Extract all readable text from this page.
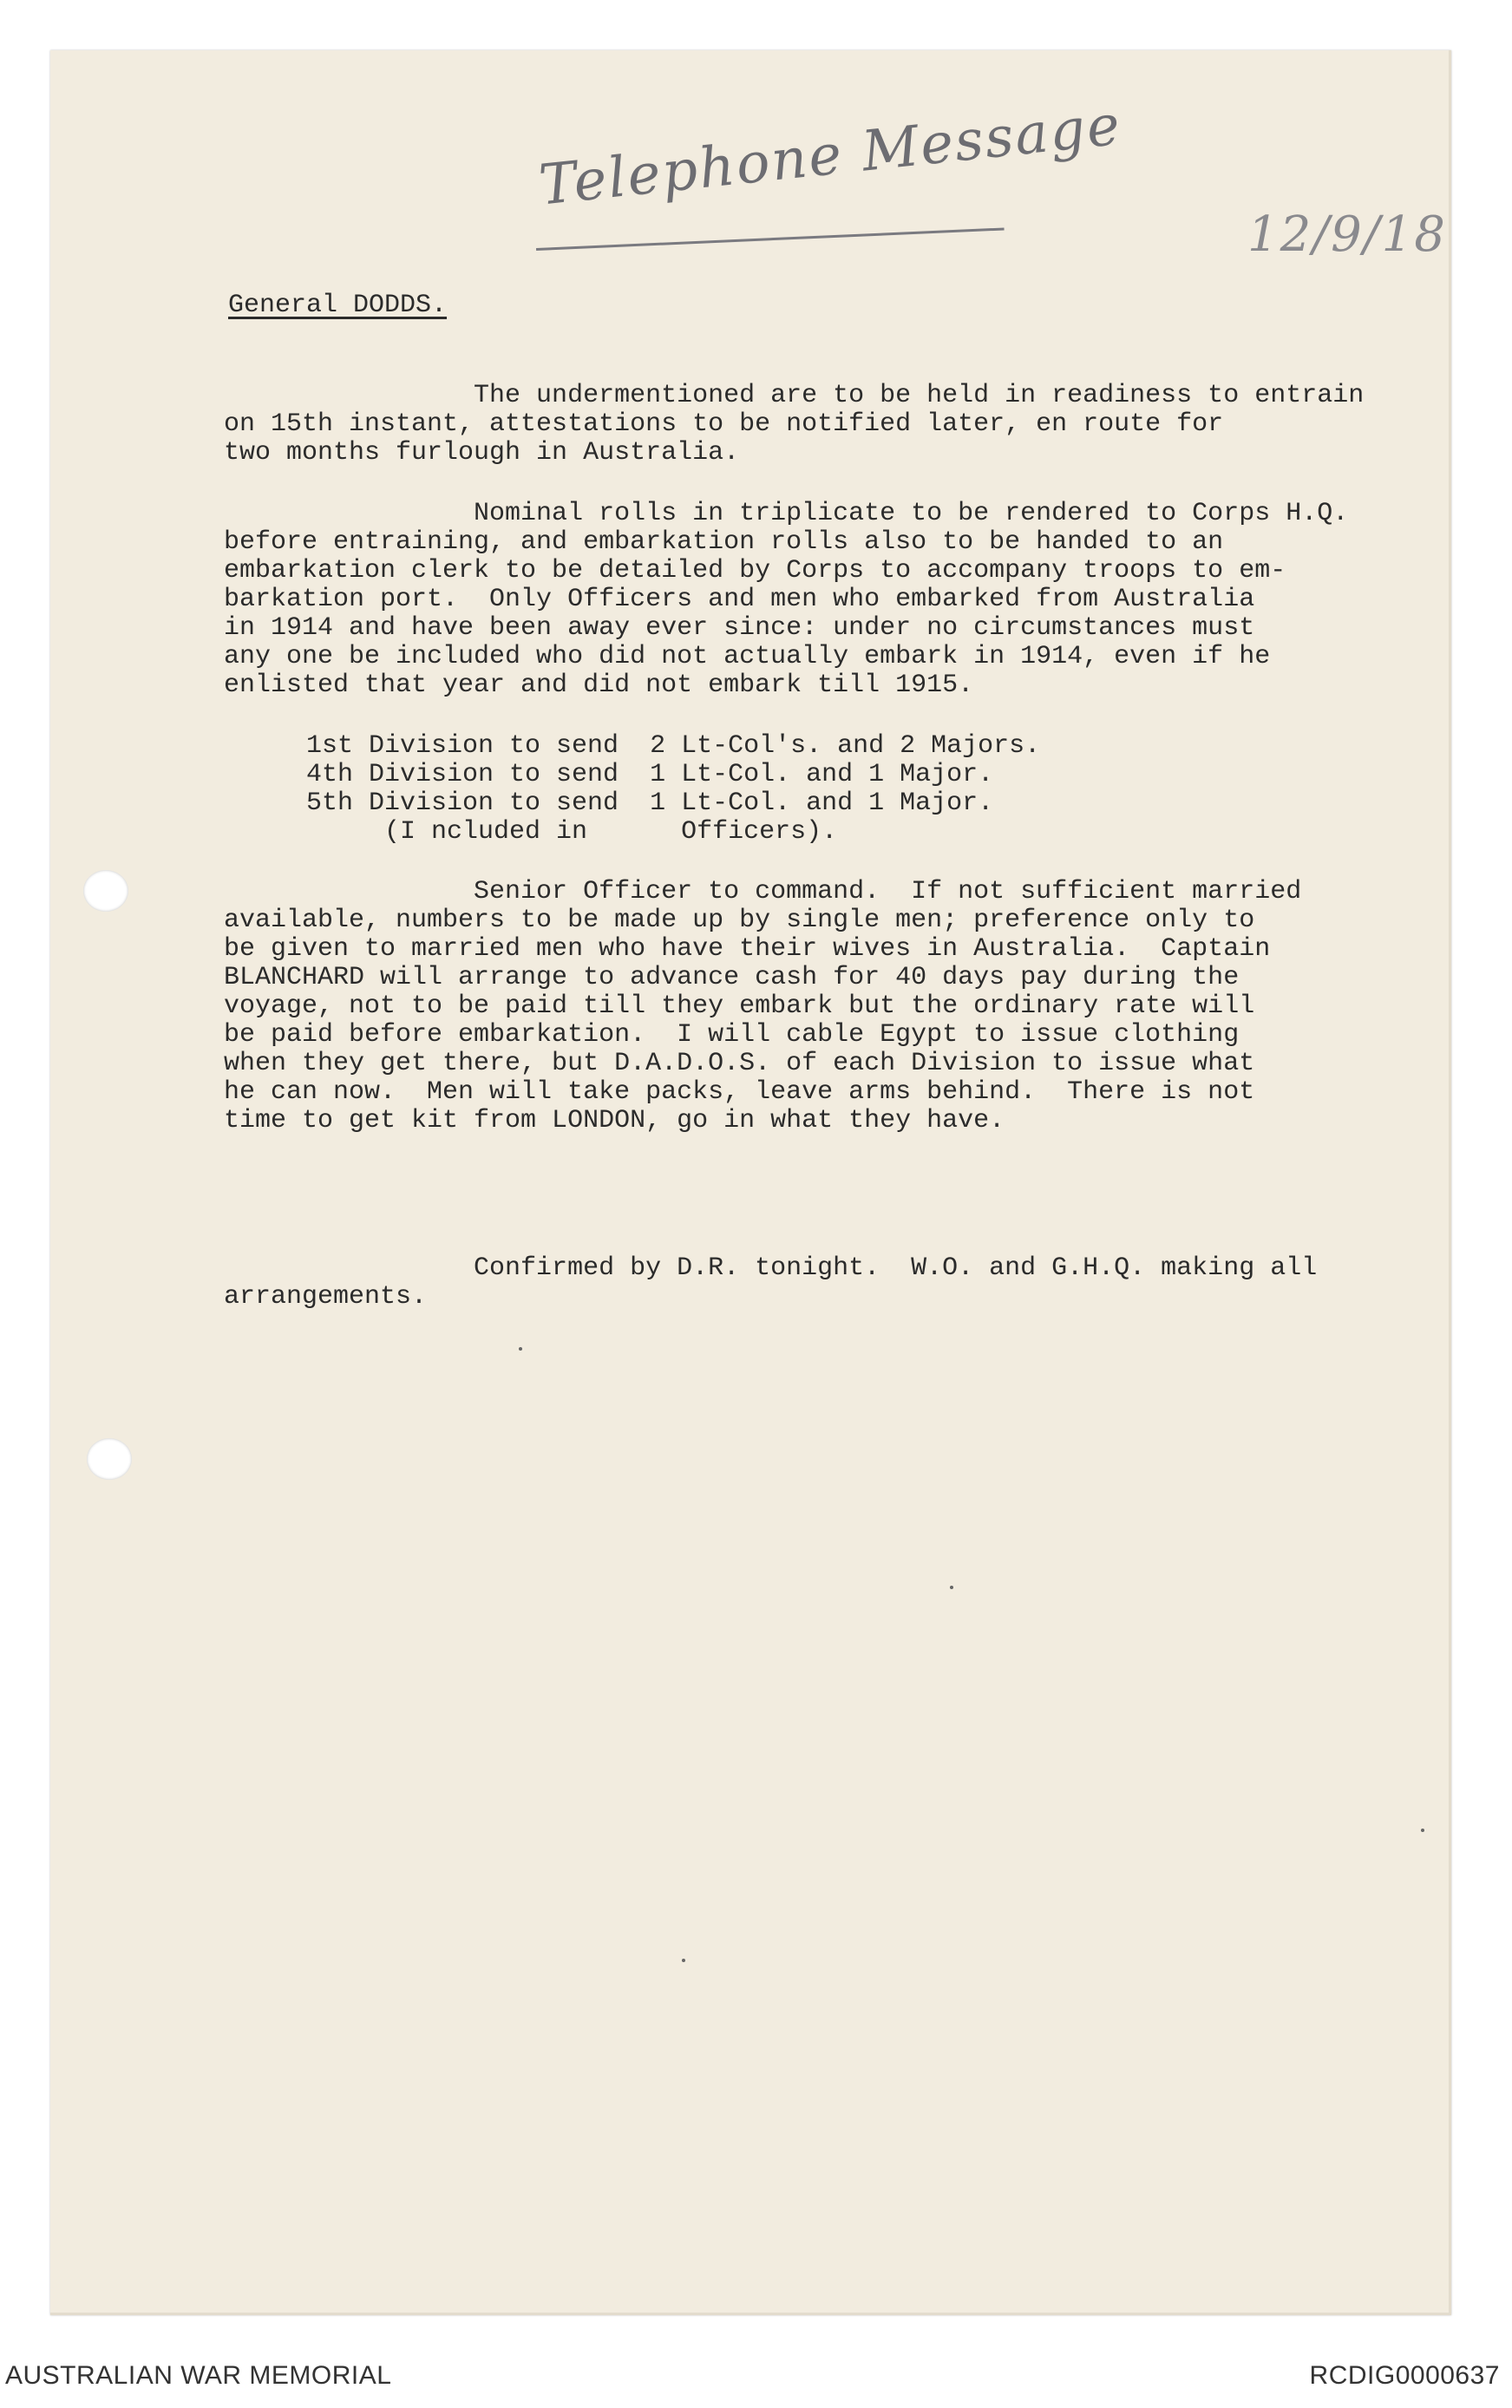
Telephone Message
12/9/18
General DODDS.
The undermentioned are to be held in readiness to entrain
on 15th instant, attestations to be notified later, en route for
two months furlough in Australia.
Nominal rolls in triplicate to be rendered to Corps H.Q.
before entraining, and embarkation rolls also to be handed to an
embarkation clerk to be detailed by Corps to accompany troops to em-
barkation port.  Only Officers and men who embarked from Australia
in 1914 and have been away ever since: under no circumstances must
any one be included who did not actually embark in 1914, even if he
enlisted that year and did not embark till 1915.
1st Division to send  2 Lt-Col's. and 2 Majors.
4th Division to send  1 Lt-Col. and 1 Major.
5th Division to send  1 Lt-Col. and 1 Major.
(I ncluded in      Officers).
Senior Officer to command.  If not sufficient married
available, numbers to be made up by single men; preference only to
be given to married men who have their wives in Australia.  Captain
BLANCHARD will arrange to advance cash for 40 days pay during the
voyage, not to be paid till they embark but the ordinary rate will
be paid before embarkation.  I will cable Egypt to issue clothing
when they get there, but D.A.D.O.S. of each Division to issue what
he can now.  Men will take packs, leave arms behind.  There is not
time to get kit from LONDON, go in what they have.
Confirmed by D.R. tonight.  W.O. and G.H.Q. making all
arrangements.
AUSTRALIAN WAR MEMORIAL	RCDIG0000637
